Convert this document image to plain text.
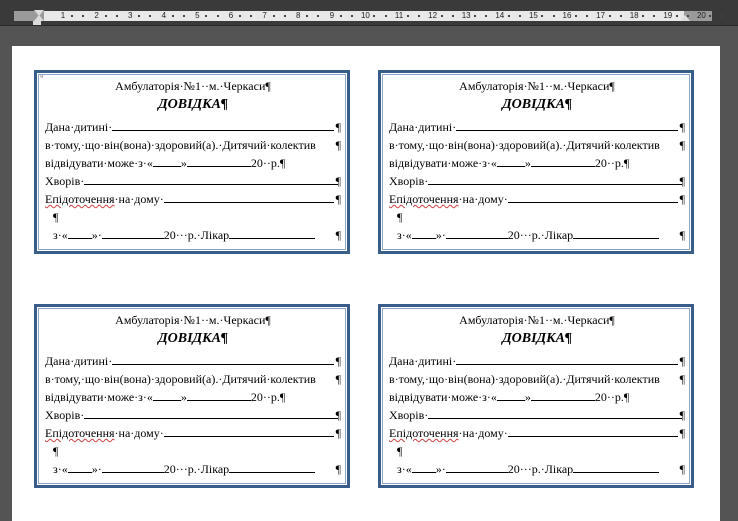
1	2	3	4	5	6	7	8	9	10	11	12	13	14	15	16	17	18	19	20
"	Амбулаторія·№1··м.·Черкаси¶
ДОВІДКА¶
Дана·дитині·	¶
в·тому,·що·він(вона)·здоровий(а).·Дитячий·колектив ¶
відвідувати·може·з·« »	20··р.¶
Хворів·	¶
Епідоточення·на·дому·	¶
¶
з·« »·	20···р.·Лікар	¶
Амбулаторія·№1··м.·Черкаси¶
ДОВІДКА¶
Дана·дитині·	¶
в·тому,·що·він(вона)·здоровий(а).·Дитячий·колектив ¶
відвідувати·може·з·« »	20··р.¶
Хворів·	¶
Епідоточення·на·дому·	¶
¶
з·« »·	20···р.·Лікар	¶
Амбулаторія·№1··м.·Черкаси¶
ДОВІДКА¶
Дана·дитині·	¶
в·тому,·що·він(вона)·здоровий(а).·Дитячий·колектив ¶
відвідувати·може·з·« »	20··р.¶
Хворів·	¶
Епідоточення·на·дому·	¶
¶
з·« »·	20···р.·Лікар	¶
Амбулаторія·№1··м.·Черкаси¶
ДОВІДКА¶
Дана·дитині·	¶
в·тому,·що·він(вона)·здоровий(а).·Дитячий·колектив ¶
відвідувати·може·з·« »	20··р.¶
Хворів·	¶
Епідоточення·на·дому·	¶
¶
з·« »·	20···р.·Лікар	¶
